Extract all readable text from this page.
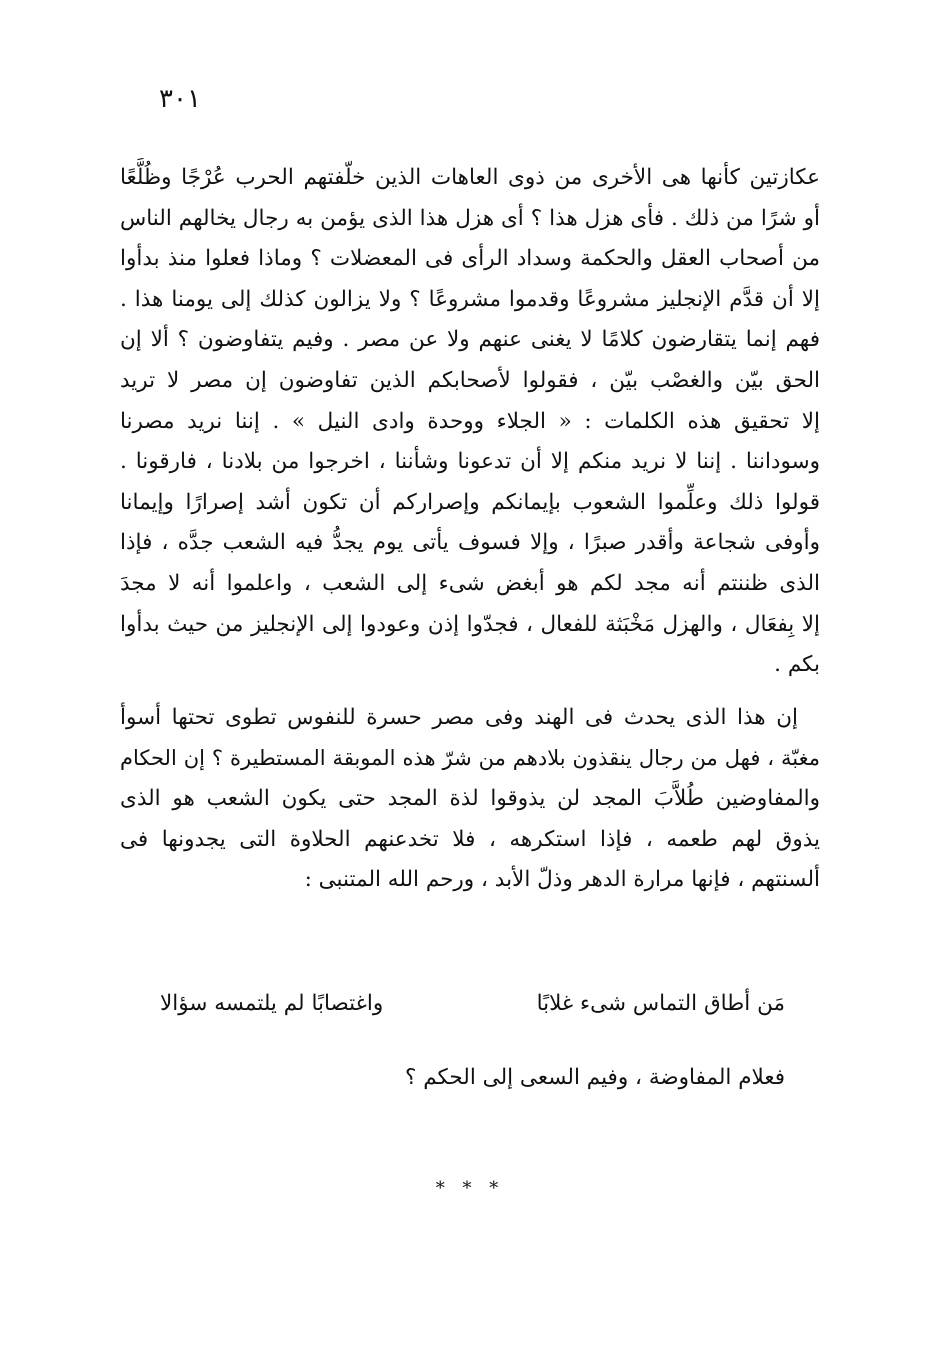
٣٠١
عكازتين كأنها هى الأخرى من ذوى العاهات الذين خلّفتهم الحرب عُرْجًا وظُلَّعًا
أو شرًا من ذلك . فأى هزل هذا ؟ أى هزل هذا الذى يؤمن به رجال يخالهم الناس
من أصحاب العقل والحكمة وسداد الرأى فى المعضلات ؟ وماذا فعلوا منذ بدأوا
إلا أن قدَّم الإنجليز مشروعًا وقدموا مشروعًا ؟ ولا يزالون كذلك إلى يومنا هذا .
فهم إنما يتقارضون كلامًا لا يغنى عنهم ولا عن مصر . وفيم يتفاوضون ؟ ألا إن
الحق بيّن والغصْب بيّن ، فقولوا لأصحابكم الذين تفاوضون إن مصر لا تريد
إلا تحقيق هذه الكلمات : « الجلاء ووحدة وادى النيل » . إننا نريد مصرنا
وسوداننا . إننا لا نريد منكم إلا أن تدعونا وشأننا ، اخرجوا من بلادنا ، فارقونا .
قولوا ذلك وعلِّموا الشعوب بإيمانكم وإصراركم أن تكون أشد إصرارًا وإيمانا
وأوفى شجاعة وأقدر صبرًا ، وإلا فسوف يأتى يوم يجدُّ فيه الشعب جدَّه ، فإذا
الذى ظننتم أنه مجد لكم هو أبغض شىء إلى الشعب ، واعلموا أنه لا مجدَ
إلا بِفعَال ، والهزل مَخْبَثة للفعال ، فجدّوا إذن وعودوا إلى الإنجليز من حيث بدأوا
بكم .
إن هذا الذى يحدث فى الهند وفى مصر حسرة للنفوس تطوى تحتها أسوأ
مغبّة ، فهل من رجال ينقذون بلادهم من شرّ هذه الموبقة المستطيرة ؟ إن الحكام
والمفاوضين طُلاَّبَ المجد لن يذوقوا لذة المجد حتى يكون الشعب هو الذى
يذوق لهم طعمه ، فإذا استكرهه ، فلا تخدعنهم الحلاوة التى يجدونها فى
ألسنتهم ، فإنها مرارة الدهر وذلّ الأبد ، ورحم الله المتنبى :
مَن أطاق التماس شىء غلابًا
واغتصابًا لم يلتمسه سؤالا
فعلام المفاوضة ، وفيم السعى إلى الحكم ؟
* * *
